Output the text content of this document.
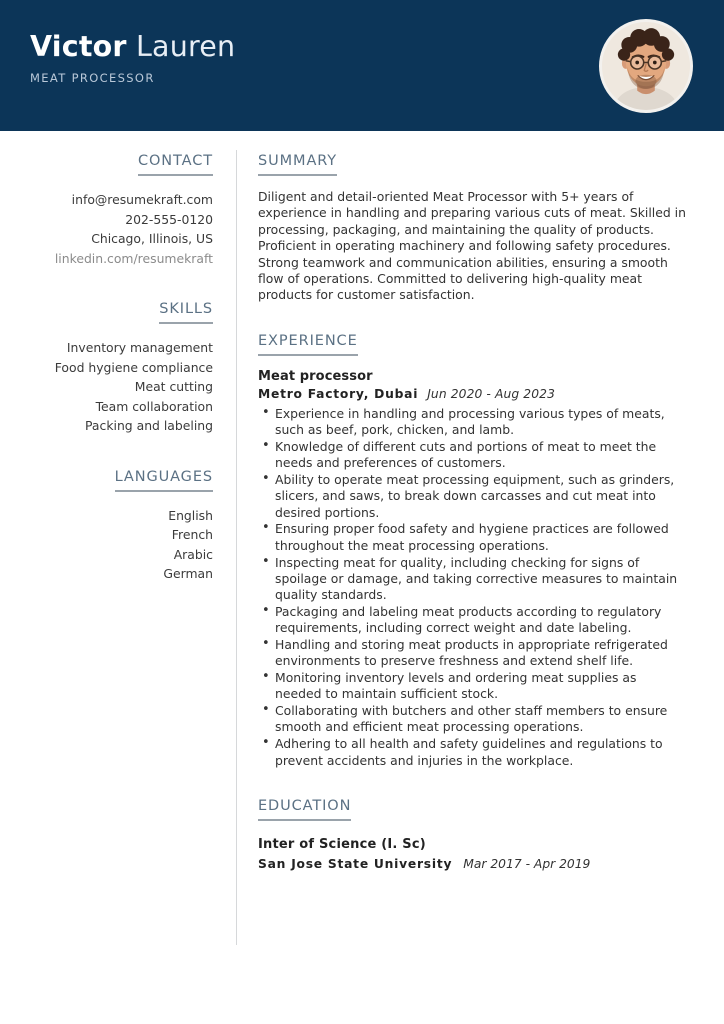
Victor Lauren
MEAT PROCESSOR
CONTACT
info@resumekraft.com
202-555-0120
Chicago, Illinois, US
linkedin.com/resumekraft
SKILLS
Inventory management
Food hygiene compliance
Meat cutting
Team collaboration
Packing and labeling
LANGUAGES
English
French
Arabic
German
SUMMARY

Diligent and detail-oriented Meat Processor with 5+ years of experience in handling and preparing various cuts of meat. Skilled in processing, packaging, and maintaining the quality of products. Proficient in operating machinery and following safety procedures. Strong teamwork and communication abilities, ensuring a smooth flow of operations. Committed to delivering high-quality meat products for customer satisfaction.

EXPERIENCE
Meat processor
Metro Factory, Dubai Jun 2020 - Aug 2023
• Experience in handling and processing various types of meats, such as beef, pork, chicken, and lamb.
• Knowledge of different cuts and portions of meat to meet the needs and preferences of customers.
• Ability to operate meat processing equipment, such as grinders, slicers, and saws, to break down carcasses and cut meat into desired portions.
• Ensuring proper food safety and hygiene practices are followed throughout the meat processing operations.
• Inspecting meat for quality, including checking for signs of spoilage or damage, and taking corrective measures to maintain quality standards.
• Packaging and labeling meat products according to regulatory requirements, including correct weight and date labeling.
• Handling and storing meat products in appropriate refrigerated environments to preserve freshness and extend shelf life.
• Monitoring inventory levels and ordering meat supplies as needed to maintain sufficient stock.
• Collaborating with butchers and other staff members to ensure smooth and efficient meat processing operations.
• Adhering to all health and safety guidelines and regulations to prevent accidents and injuries in the workplace.
EDUCATION
Inter of Science (I. Sc)
San Jose State University Mar 2017 - Apr 2019
